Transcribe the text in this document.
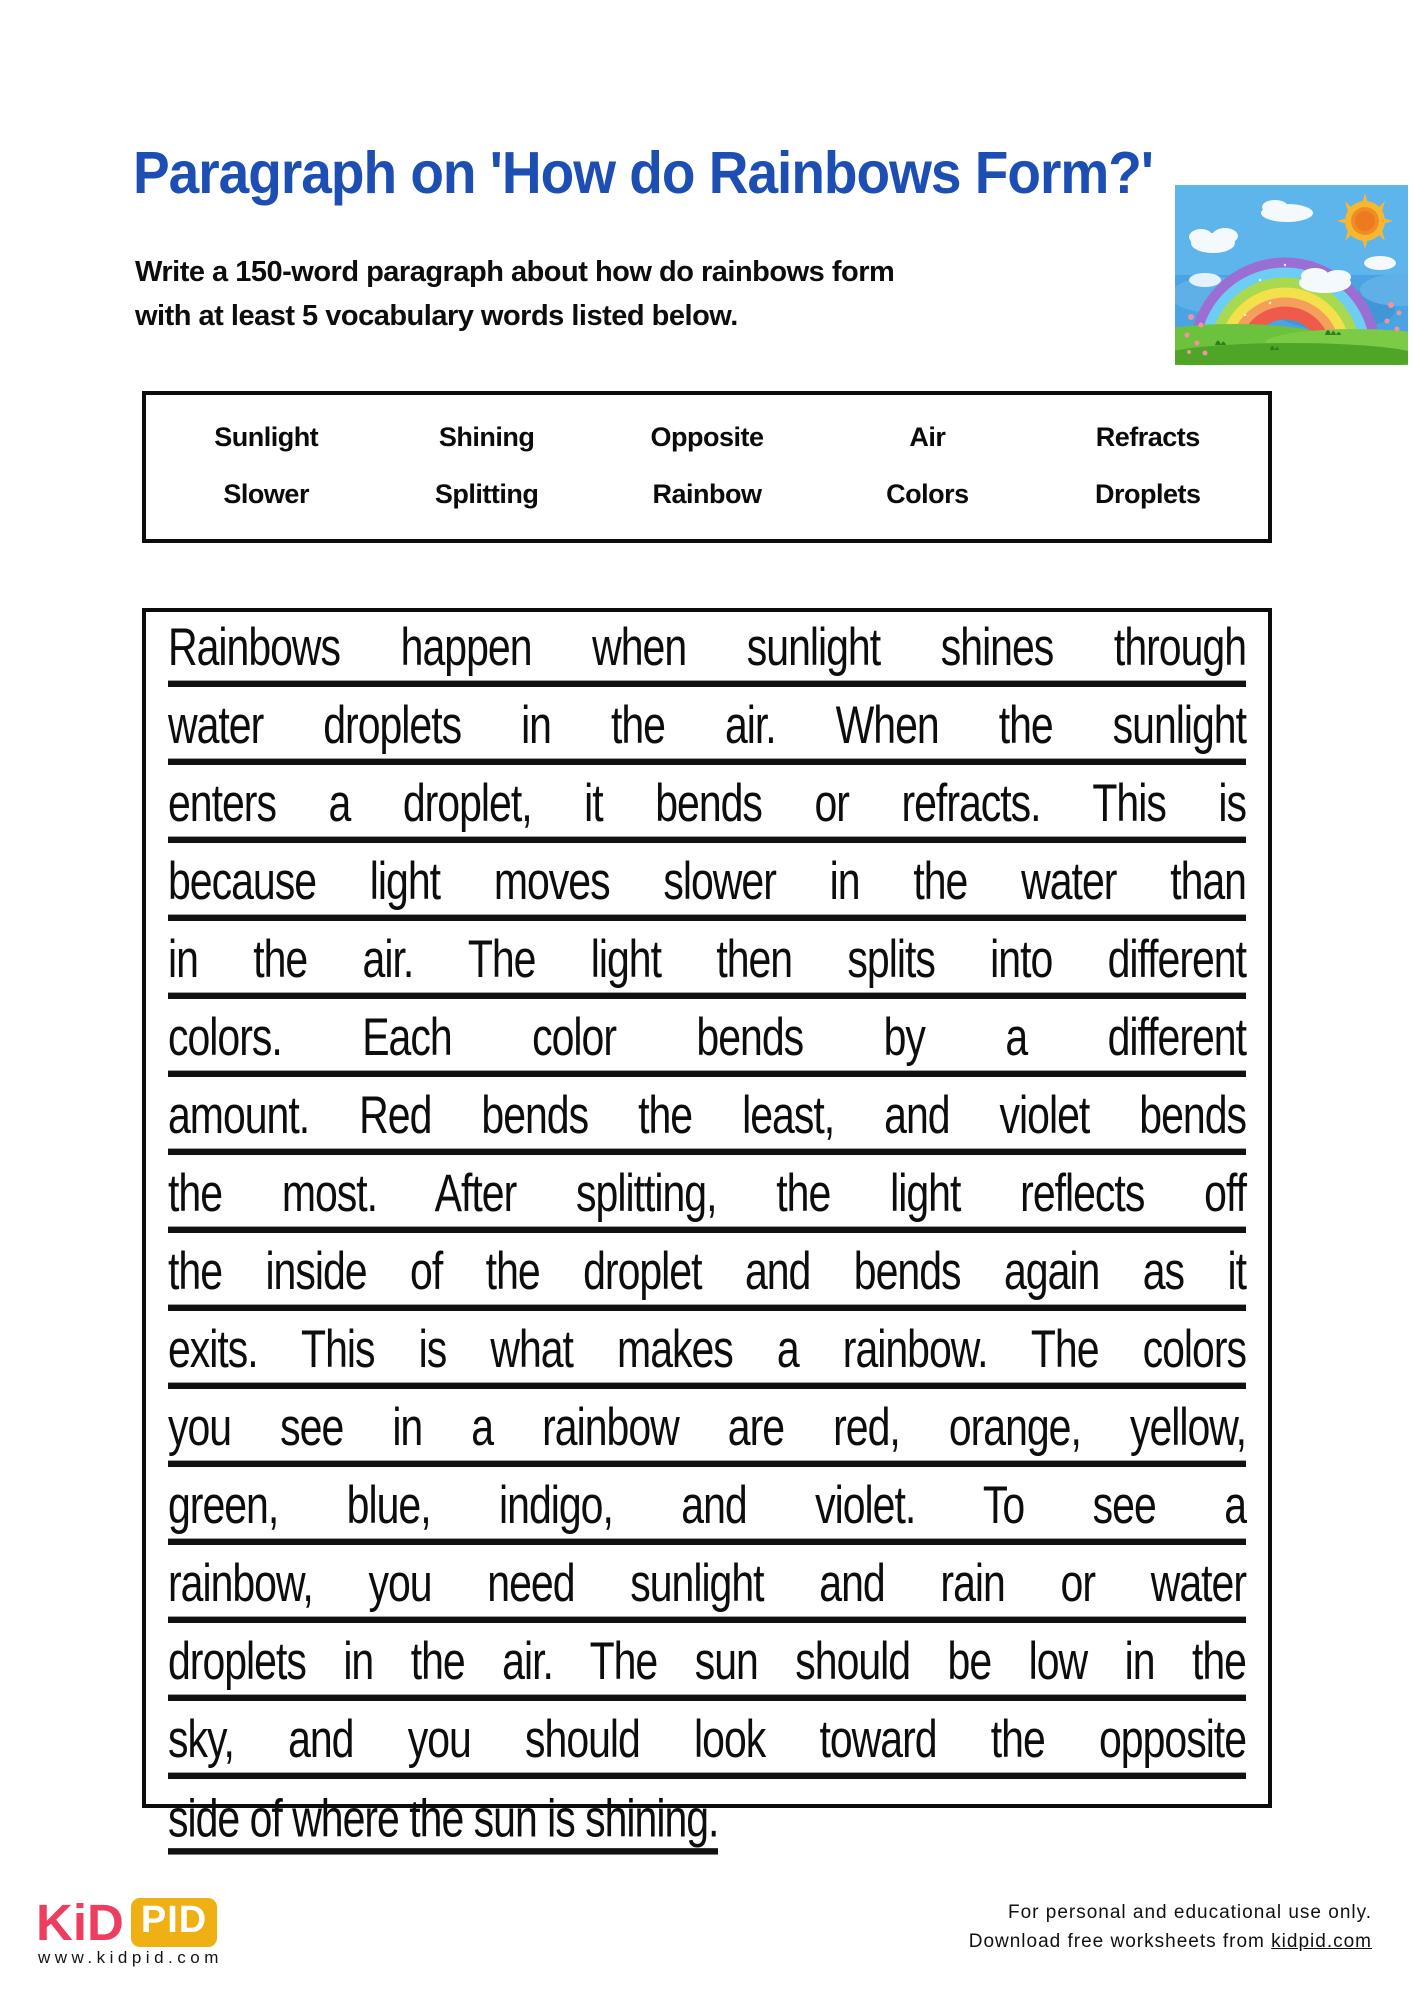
Paragraph on 'How do Rainbows Form?'
Write a 150-word paragraph about how do rainbows form
with at least 5 vocabulary words listed below.
Sunlight	Shining	Opposite	Air	Refracts
Slower	Splitting	Rainbow	Colors	Droplets
Rainbows happen when sunlight shines through
water droplets in the air. When the sunlight
enters a droplet, it bends or refracts. This is
because light moves slower in the water than
in the air. The light then splits into different
colors. Each color bends by a different
amount. Red bends the least, and violet bends
the most. After splitting, the light reflects off
the inside of the droplet and bends again as it
exits. This is what makes a rainbow. The colors
you see in a rainbow are red, orange, yellow,
green, blue, indigo, and violet. To see a
rainbow, you need sunlight and rain or water
droplets in the air. The sun should be low in the
sky, and you should look toward the opposite
side of where the sun is shining.
KiD PID
www.kidpid.com
For personal and educational use only.
Download free worksheets from kidpid.com
